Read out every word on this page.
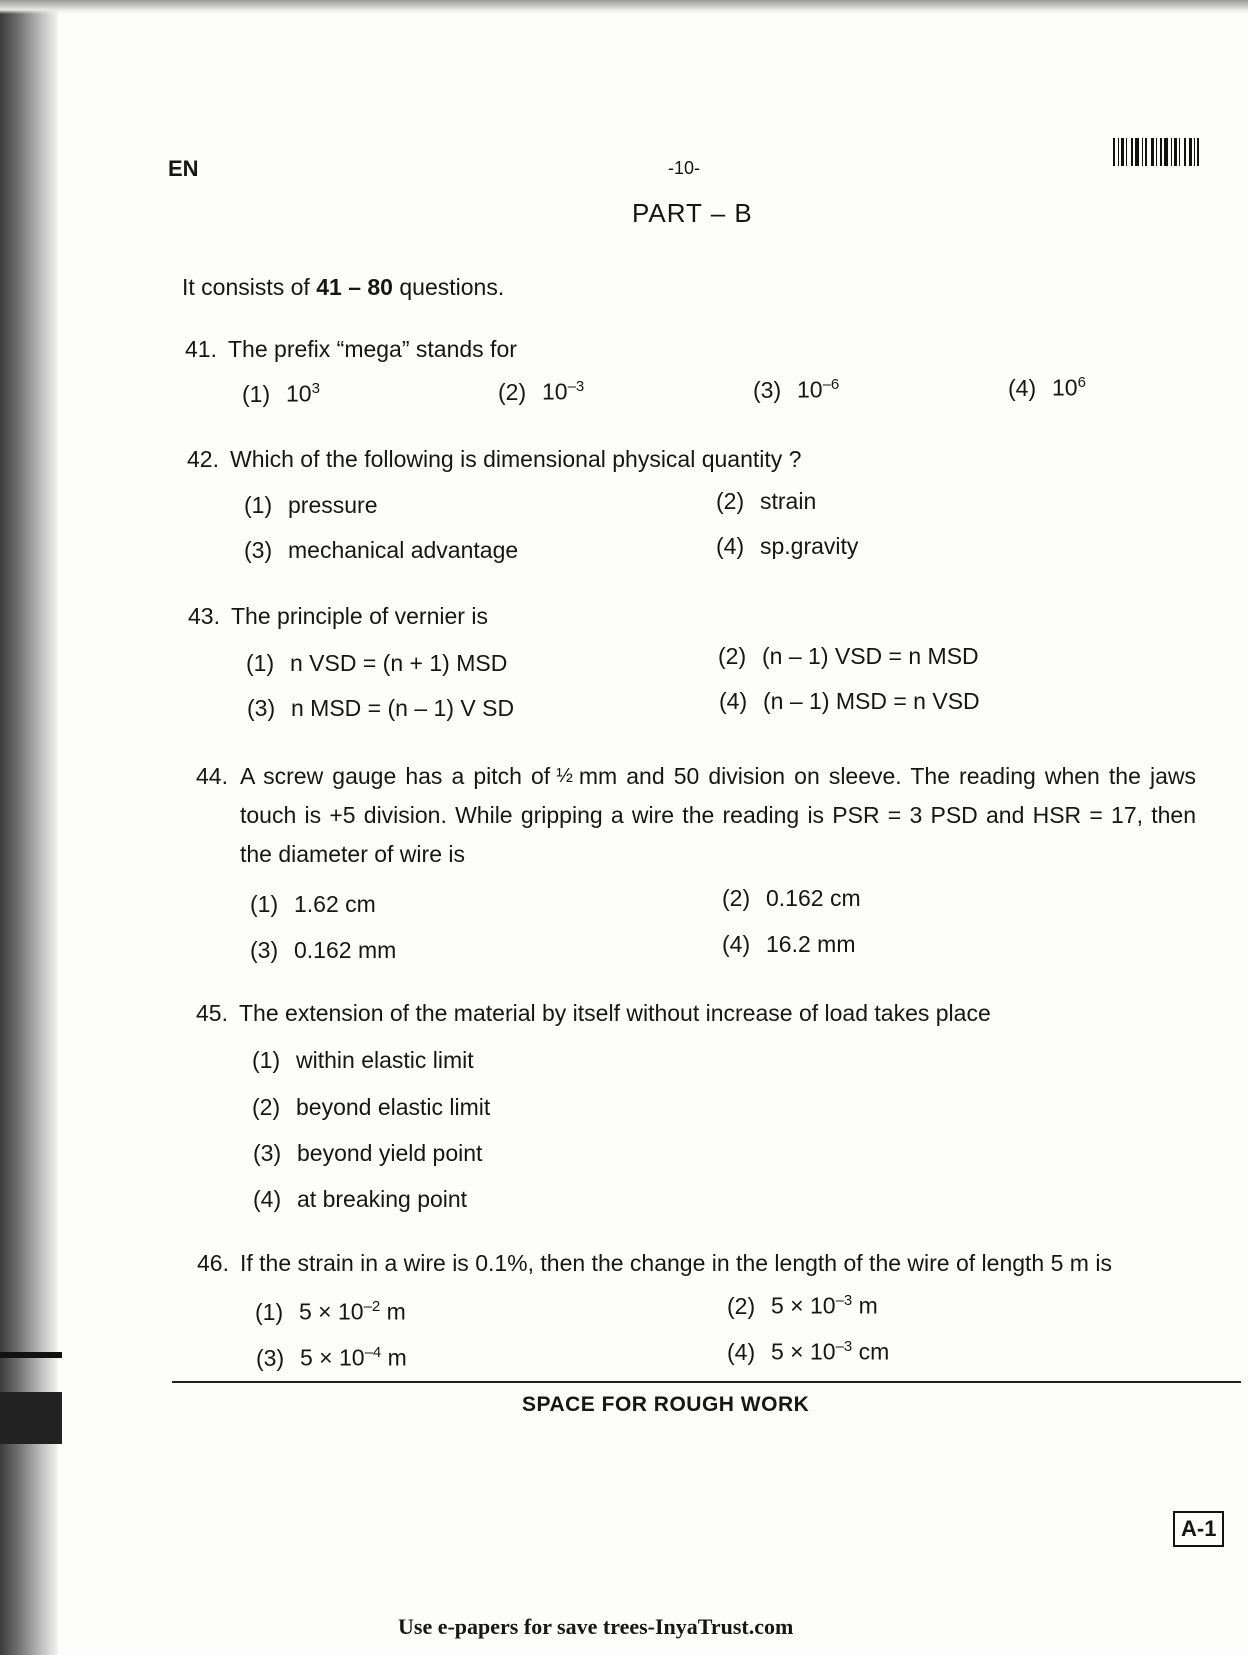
EN	-10-
PART – B
It consists of 41 – 80 questions.
41. The prefix “mega” stands for
(1) $10^3$	(2) $10^{-3}$	(3) $10^{-6}$	(4) $10^6$
42. Which of the following is dimensional physical quantity ?
(1) pressure	(2) strain
(3) mechanical advantage	(4) sp.gravity
43. The principle of vernier is
(1) n VSD = (n + 1) MSD	(2) (n – 1) VSD = n MSD
(3) n MSD = (n – 1) V SD	(4) (n – 1) MSD = n VSD
44. A screw gauge has a pitch of ½ mm and 50 division on sleeve. The reading when the jaws touch is +5 division. While gripping a wire the reading is PSR = 3 PSD and HSR = 17, then the diameter of wire is
(1) 1.62 cm	(2) 0.162 cm
(3) 0.162 mm	(4) 16.2 mm
45. The extension of the material by itself without increase of load takes place
(1) within elastic limit
(2) beyond elastic limit
(3) beyond yield point
(4) at breaking point
46. If the strain in a wire is 0.1%, then the change in the length of the wire of length 5 m is
(1) $5 \times 10^{-2}$ m	(2) $5 \times 10^{-3}$ m
(3) $5 \times 10^{-4}$ m	(4) $5 \times 10^{-3}$ cm
SPACE FOR ROUGH WORK
A-1
Use e-papers for save trees-InyaTrust.com
